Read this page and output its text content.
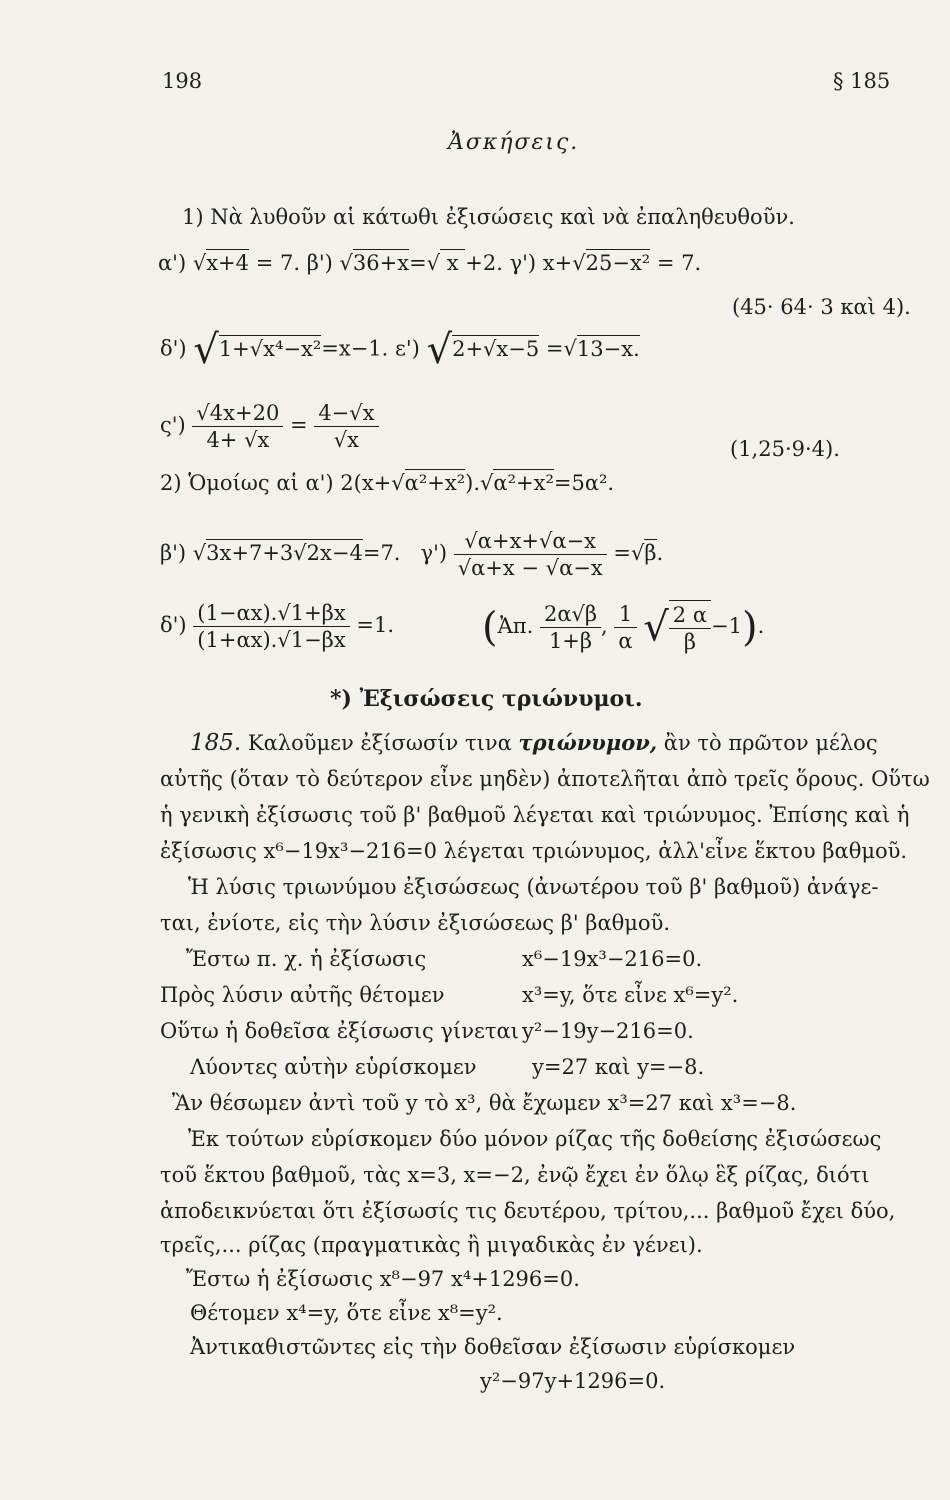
198	§ 185
Ἀσκήσεις.
1) Νὰ λυθοῦν αἱ κάτωθι ἐξισώσεις καὶ νὰ ἐπαληθευθοῦν.
α') √x+4 = 7. β') √36+x=√ x +2. γ') x+√25−x² = 7.
(45· 64· 3 καὶ 4).
δ') √1+√x⁴−x²=x−1. ε') √2+√x−5 =√13−x.
$\varsigma') \frac{√4x+20}{4+ √x} = \frac{4-√x}{√x}$	(1,25·9·4).
2) Ὁμοίως αἱ α') 2(x+√α²+x²).√α²+x²=5α².
β') √3x+7+3√2x−4=7. $\gamma') \frac{√\alpha+x+√\alpha-x}{√\alpha+x - √\alpha-x} =√\beta$.
$\delta') \frac{(1-\alpha x).√1+\beta x}{(1+\alpha x).√1-\beta x} =1$. (Ἀπ. $\frac{2\alpha√\beta}{1+\beta}$ , $\frac{1}{\alpha}$ √ $\frac{2 \alpha}{\beta} -1$).
*) Ἐξισώσεις τριώνυμοι.
185. Καλοῦμεν ἐξίσωσίν τινα τριώνυμον, ἂν τὸ πρῶτον μέλος
αὐτῆς (ὅταν τὸ δεύτερον εἶνε μηδὲν) ἀποτελῆται ἀπὸ τρεῖς ὅρους. Οὕτω
ἡ γενικὴ ἐξίσωσις τοῦ β' βαθμοῦ λέγεται καὶ τριώνυμος. Ἐπίσης καὶ ἡ
ἐξίσωσις x⁶−19x³−216=0 λέγεται τριώνυμος, ἀλλ'εἶνε ἕκτου βαθμοῦ.
Ἡ λύσις τριωνύμου ἐξισώσεως (ἀνωτέρου τοῦ β' βαθμοῦ) ἀνάγε-
ται, ἐνίοτε, εἰς τὴν λύσιν ἐξισώσεως β' βαθμοῦ.
Ἔστω π. χ. ἡ ἐξίσωσις	x⁶−19x³−216=0.
Πρὸς λύσιν αὐτῆς θέτομεν	x³=y, ὅτε εἶνε x⁶=y².
Οὕτω ἡ δοθεῖσα ἐξίσωσις γίνεται y²−19y−216=0.
Λύοντες αὐτὴν εὑρίσκομεν	y=27 καὶ y=−8.
Ἂν θέσωμεν ἀντὶ τοῦ y τὸ x³, θὰ ἔχωμεν x³=27 καὶ x³=−8.
Ἐκ τούτων εὑρίσκομεν δύο μόνον ρίζας τῆς δοθείσης ἐξισώσεως
τοῦ ἕκτου βαθμοῦ, τὰς x=3, x=−2, ἐνῷ ἔχει ἐν ὅλῳ ἓξ ρίζας, διότι
ἀποδεικνύεται ὅτι ἐξίσωσίς τις δευτέρου, τρίτου,... βαθμοῦ ἔχει δύο,
τρεῖς,... ρίζας (πραγματικὰς ἢ μιγαδικὰς ἐν γένει).
Ἔστω ἡ ἐξίσωσις x⁸−97 x⁴+1296=0.
Θέτομεν x⁴=y, ὅτε εἶνε x⁸=y².
Ἀντικαθιστῶντες εἰς τὴν δοθεῖσαν ἐξίσωσιν εὑρίσκομεν
y²−97y+1296=0.
